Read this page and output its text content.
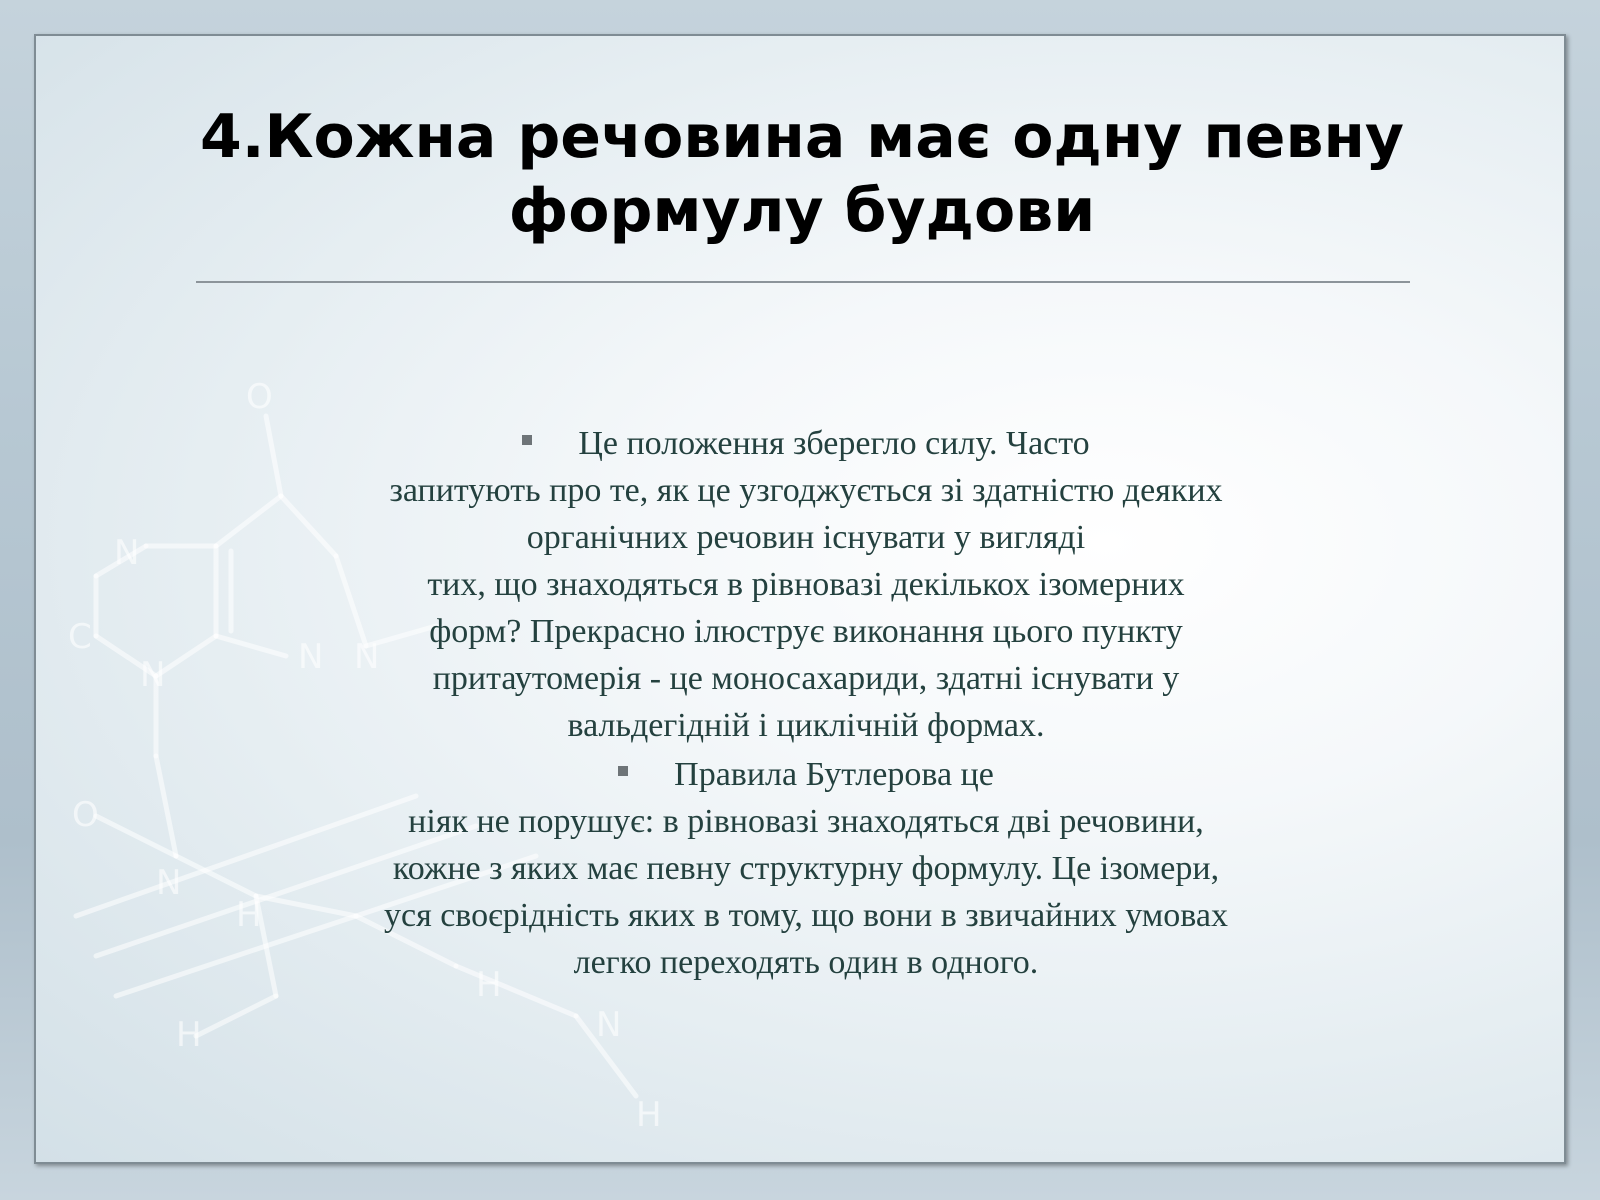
O
N
N
C	N N
O
N
H
H
H
N
H
4.Кожна речовина має одну певну
формулу будови

Це положення зберегло силу. Часто
запитують про те, як це узгоджується зі здатністю деяких
органічних речовин існувати у вигляді
тих, що знаходяться в рівновазі декількох ізомерних
форм? Прекрасно ілюструє виконання цього пункту
притаутомерія - це моносахариди, здатні існувати у
вальдегідній і циклічній формах.

Правила Бутлерова це
ніяк не порушує: в рівновазі знаходяться дві речовини,
кожне з яких має певну структурну формулу. Це ізомери,
уся своєрідність яких в тому, що вони в звичайних умовах
легко переходять один в одного.
